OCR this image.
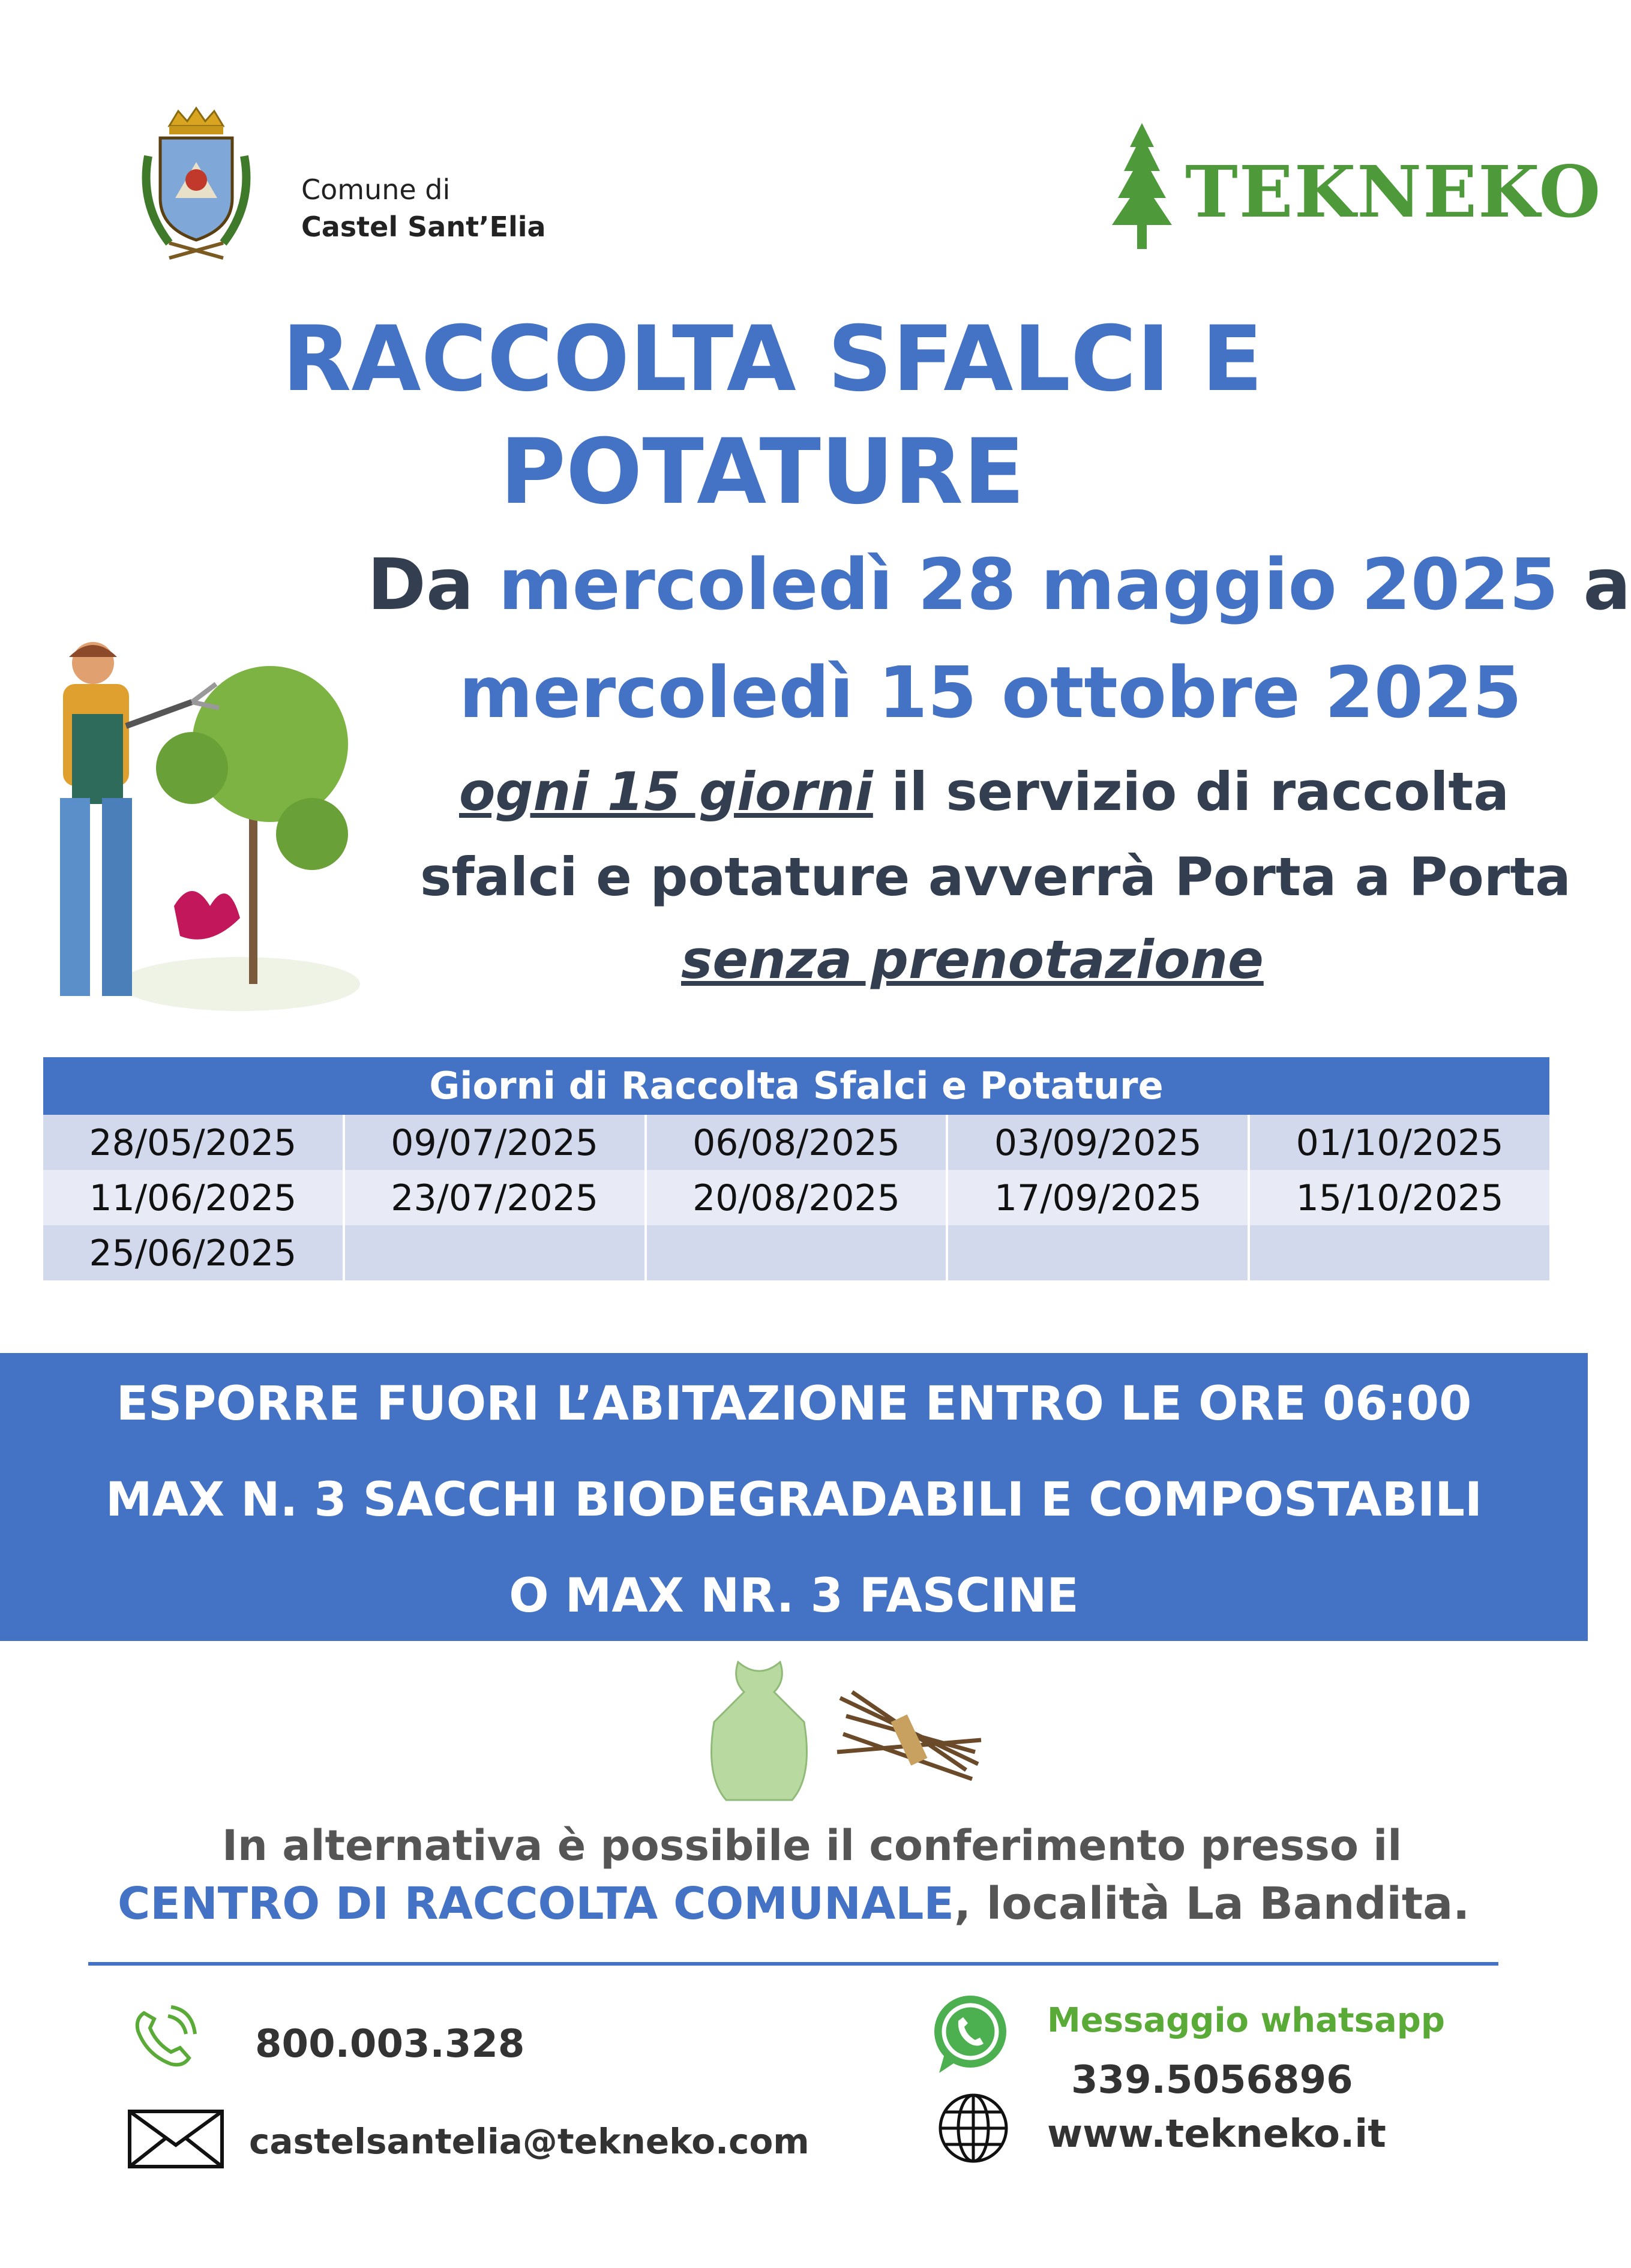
Comune di
Castel Sant’Elia	TEKNEKO
RACCOLTA SFALCI E
POTATURE
Da mercoledì 28 maggio 2025 a
mercoledì 15 ottobre 2025
ogni 15 giorni il servizio di raccolta
sfalci e potature avverrà Porta a Porta
senza prenotazione
Giorni di Raccolta Sfalci e Potature
28/05/2025	09/07/2025	06/08/2025	03/09/2025	01/10/2025
11/06/2025	23/07/2025	20/08/2025	17/09/2025	15/10/2025
25/06/2025
ESPORRE FUORI L’ABITAZIONE ENTRO LE ORE 06:00
MAX N. 3 SACCHI BIODEGRADABILI E COMPOSTABILI
O MAX NR. 3 FASCINE
In alternativa è possibile il conferimento presso il
CENTRO DI RACCOLTA COMUNALE, località La Bandita.
800.003.328
castelsantelia@tekneko.com
Messaggio whatsapp
339.5056896
www.tekneko.it
